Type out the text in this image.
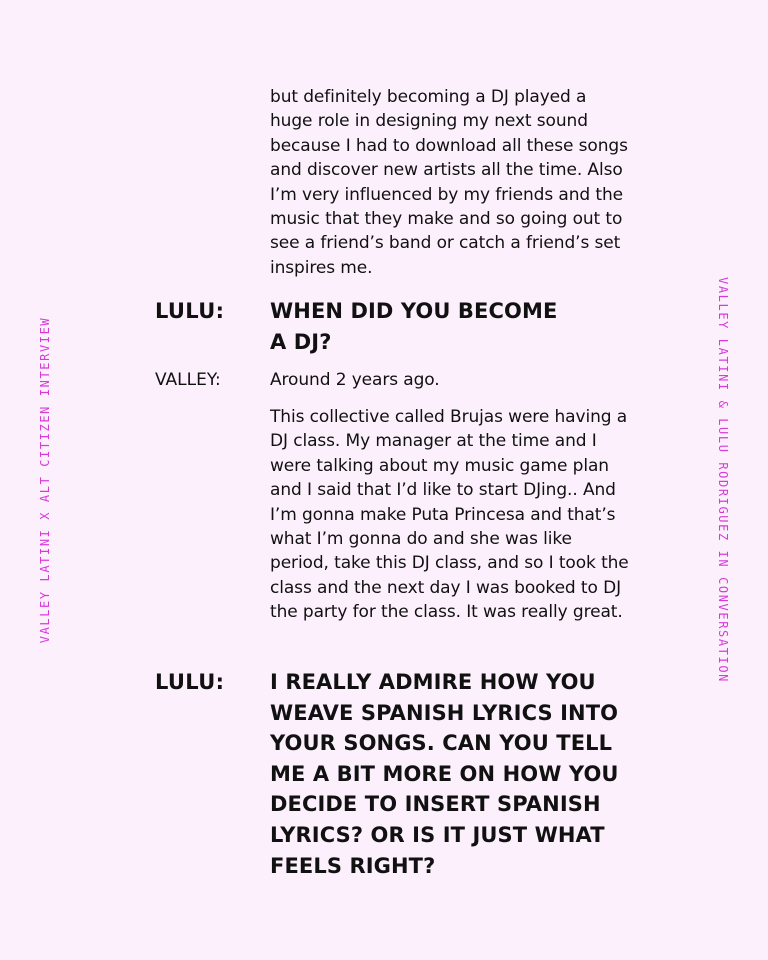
VALLEY LATINI X ALT CITIZEN INTERVIEW	VALLEY LATINI & LULU RODRIGUEZ IN CONVERSATION

but definitely becoming a DJ played a huge role in designing my next sound because I had to download all these songs and discover new artists all the time. Also I’m very influenced by my friends and the music that they make and so going out to see a friend’s band or catch a friend’s set inspires me.

LULU:	WHEN DID YOU BECOME A DJ?

VALLEY:	Around 2 years ago.

This collective called Brujas were having a DJ class. My manager at the time and I were talking about my music game plan and I said that I’d like to start DJing.. And I’m gonna make Puta Princesa and that’s what I’m gonna do and she was like period, take this DJ class, and so I took the class and the next day I was booked to DJ the party for the class. It was really great.

LULU:	I REALLY ADMIRE HOW YOU WEAVE SPANISH LYRICS INTO YOUR SONGS. CAN YOU TELL ME A BIT MORE ON HOW YOU DECIDE TO INSERT SPANISH LYRICS? OR IS IT JUST WHAT FEELS RIGHT?
